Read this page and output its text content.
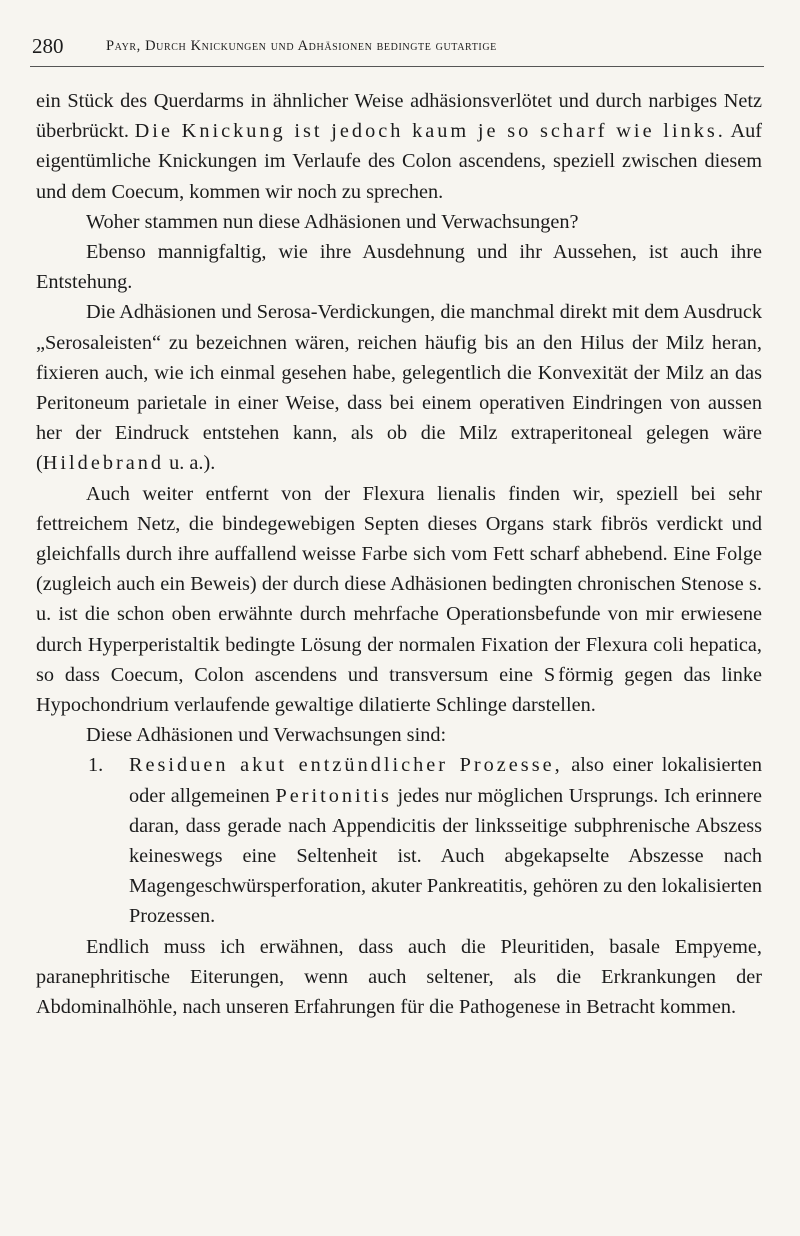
280	Payr, Durch Knickungen und Adhäsionen bedingte gutartige

ein Stück des Querdarms in ähnlicher Weise adhäsionsverlötet und durch narbiges Netz überbrückt. Die Knickung ist jedoch kaum je so scharf wie links. Auf eigentümliche Knickungen im Verlaufe des Colon ascendens, speziell zwischen diesem und dem Coecum, kommen wir noch zu sprechen.

Woher stammen nun diese Adhäsionen und Verwachsungen?

Ebenso mannigfaltig, wie ihre Ausdehnung und ihr Aussehen, ist auch ihre Entstehung.

Die Adhäsionen und Serosa-Verdickungen, die manchmal direkt mit dem Ausdruck „Serosaleisten“ zu bezeichnen wären, reichen häufig bis an den Hilus der Milz heran, fixieren auch, wie ich einmal gesehen habe, gelegentlich die Konvexität der Milz an das Peritoneum parietale in einer Weise, dass bei einem operativen Eindringen von aussen her der Eindruck entstehen kann, als ob die Milz extraperitoneal gelegen wäre (Hildebrand u. a.).

Auch weiter entfernt von der Flexura lienalis finden wir, speziell bei sehr fettreichem Netz, die bindegewebigen Septen dieses Organs stark fibrös verdickt und gleichfalls durch ihre auffallend weisse Farbe sich vom Fett scharf abhebend. Eine Folge (zugleich auch ein Beweis) der durch diese Adhäsionen bedingten chronischen Stenose s. u. ist die schon oben erwähnte durch mehrfache Operationsbefunde von mir erwiesene durch Hyperperistaltik bedingte Lösung der normalen Fixation der Flexura coli hepatica, so dass Coecum, Colon ascendens und transversum eine Sförmig gegen das linke Hypochondrium verlaufende gewaltige dilatierte Schlinge darstellen.

Diese Adhäsionen und Verwachsungen sind:

1. Residuen akut entzündlicher Prozesse, also einer lokalisierten oder allgemeinen Peritonitis jedes nur möglichen Ursprungs. Ich erinnere daran, dass gerade nach Appendicitis der linksseitige subphrenische Abszess keineswegs eine Seltenheit ist. Auch abgekapselte Abszesse nach Magengeschwürsperforation, akuter Pankreatitis, gehören zu den lokalisierten Prozessen.

Endlich muss ich erwähnen, dass auch die Pleuritiden, basale Empyeme, paranephritische Eiterungen, wenn auch seltener, als die Erkrankungen der Abdominalhöhle, nach unseren Erfahrungen für die Pathogenese in Betracht kommen.
